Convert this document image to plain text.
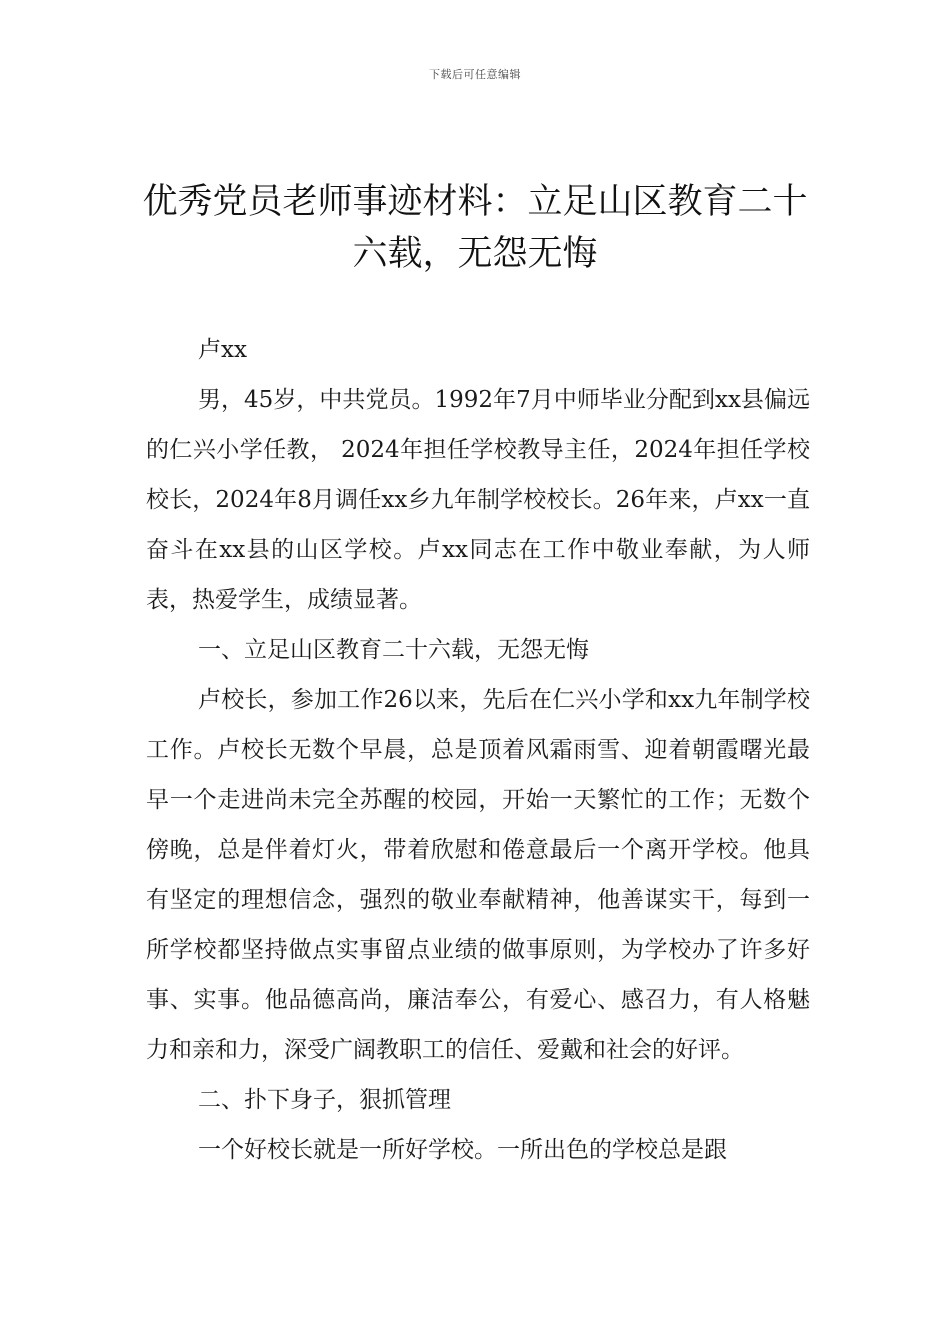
下载后可任意编辑
优秀党员老师事迹材料：立足山区教育二十六载，无怨无悔

卢xx

男，45岁，中共党员。1992年7月中师毕业分配到xx县偏远的仁兴小学任教， 2024年担任学校教导主任，2024年担任学校校长，2024年8月调任xx乡九年制学校校长。26年来，卢xx一直奋斗在xx县的山区学校。卢xx同志在工作中敬业奉献，为人师表，热爱学生，成绩显著。

一、立足山区教育二十六载，无怨无悔

卢校长，参加工作26以来，先后在仁兴小学和xx九年制学校工作。卢校长无数个早晨，总是顶着风霜雨雪、迎着朝霞曙光最早一个走进尚未完全苏醒的校园，开始一天繁忙的工作；无数个傍晚，总是伴着灯火，带着欣慰和倦意最后一个离开学校。他具有坚定的理想信念，强烈的敬业奉献精神，他善谋实干，每到一所学校都坚持做点实事留点业绩的做事原则，为学校办了许多好事、实事。他品德高尚，廉洁奉公，有爱心、感召力，有人格魅力和亲和力，深受广阔教职工的信任、爱戴和社会的好评。

二、扑下身子，狠抓管理

一个好校长就是一所好学校。一所出色的学校总是跟
